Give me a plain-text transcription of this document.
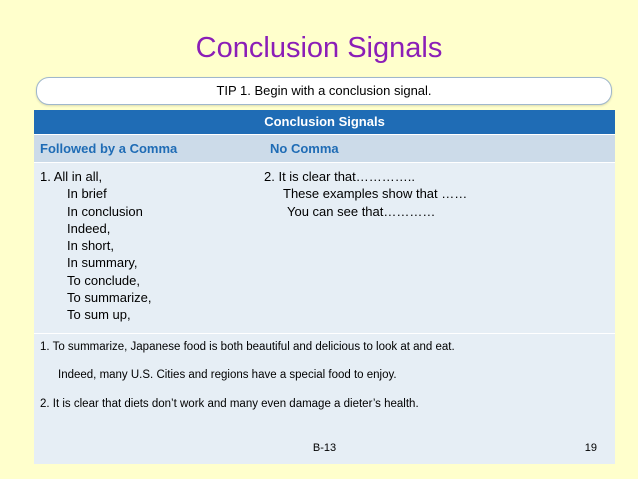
Conclusion Signals
TIP 1. Begin with a conclusion signal.
Conclusion Signals
Followed by a Comma	No Comma
1. All in all,
In brief
In conclusion
Indeed,
In short,
In summary,
To conclude,
To summarize,
To sum up,
2. It is clear that…………..
These examples show that ……
You can see that…………
1. To summarize, Japanese food is both beautiful and delicious to look at and eat.
Indeed, many U.S. Cities and regions have a special food to enjoy.
2. It is clear that diets don’t work and many even damage a dieter’s health.
B-13	19
